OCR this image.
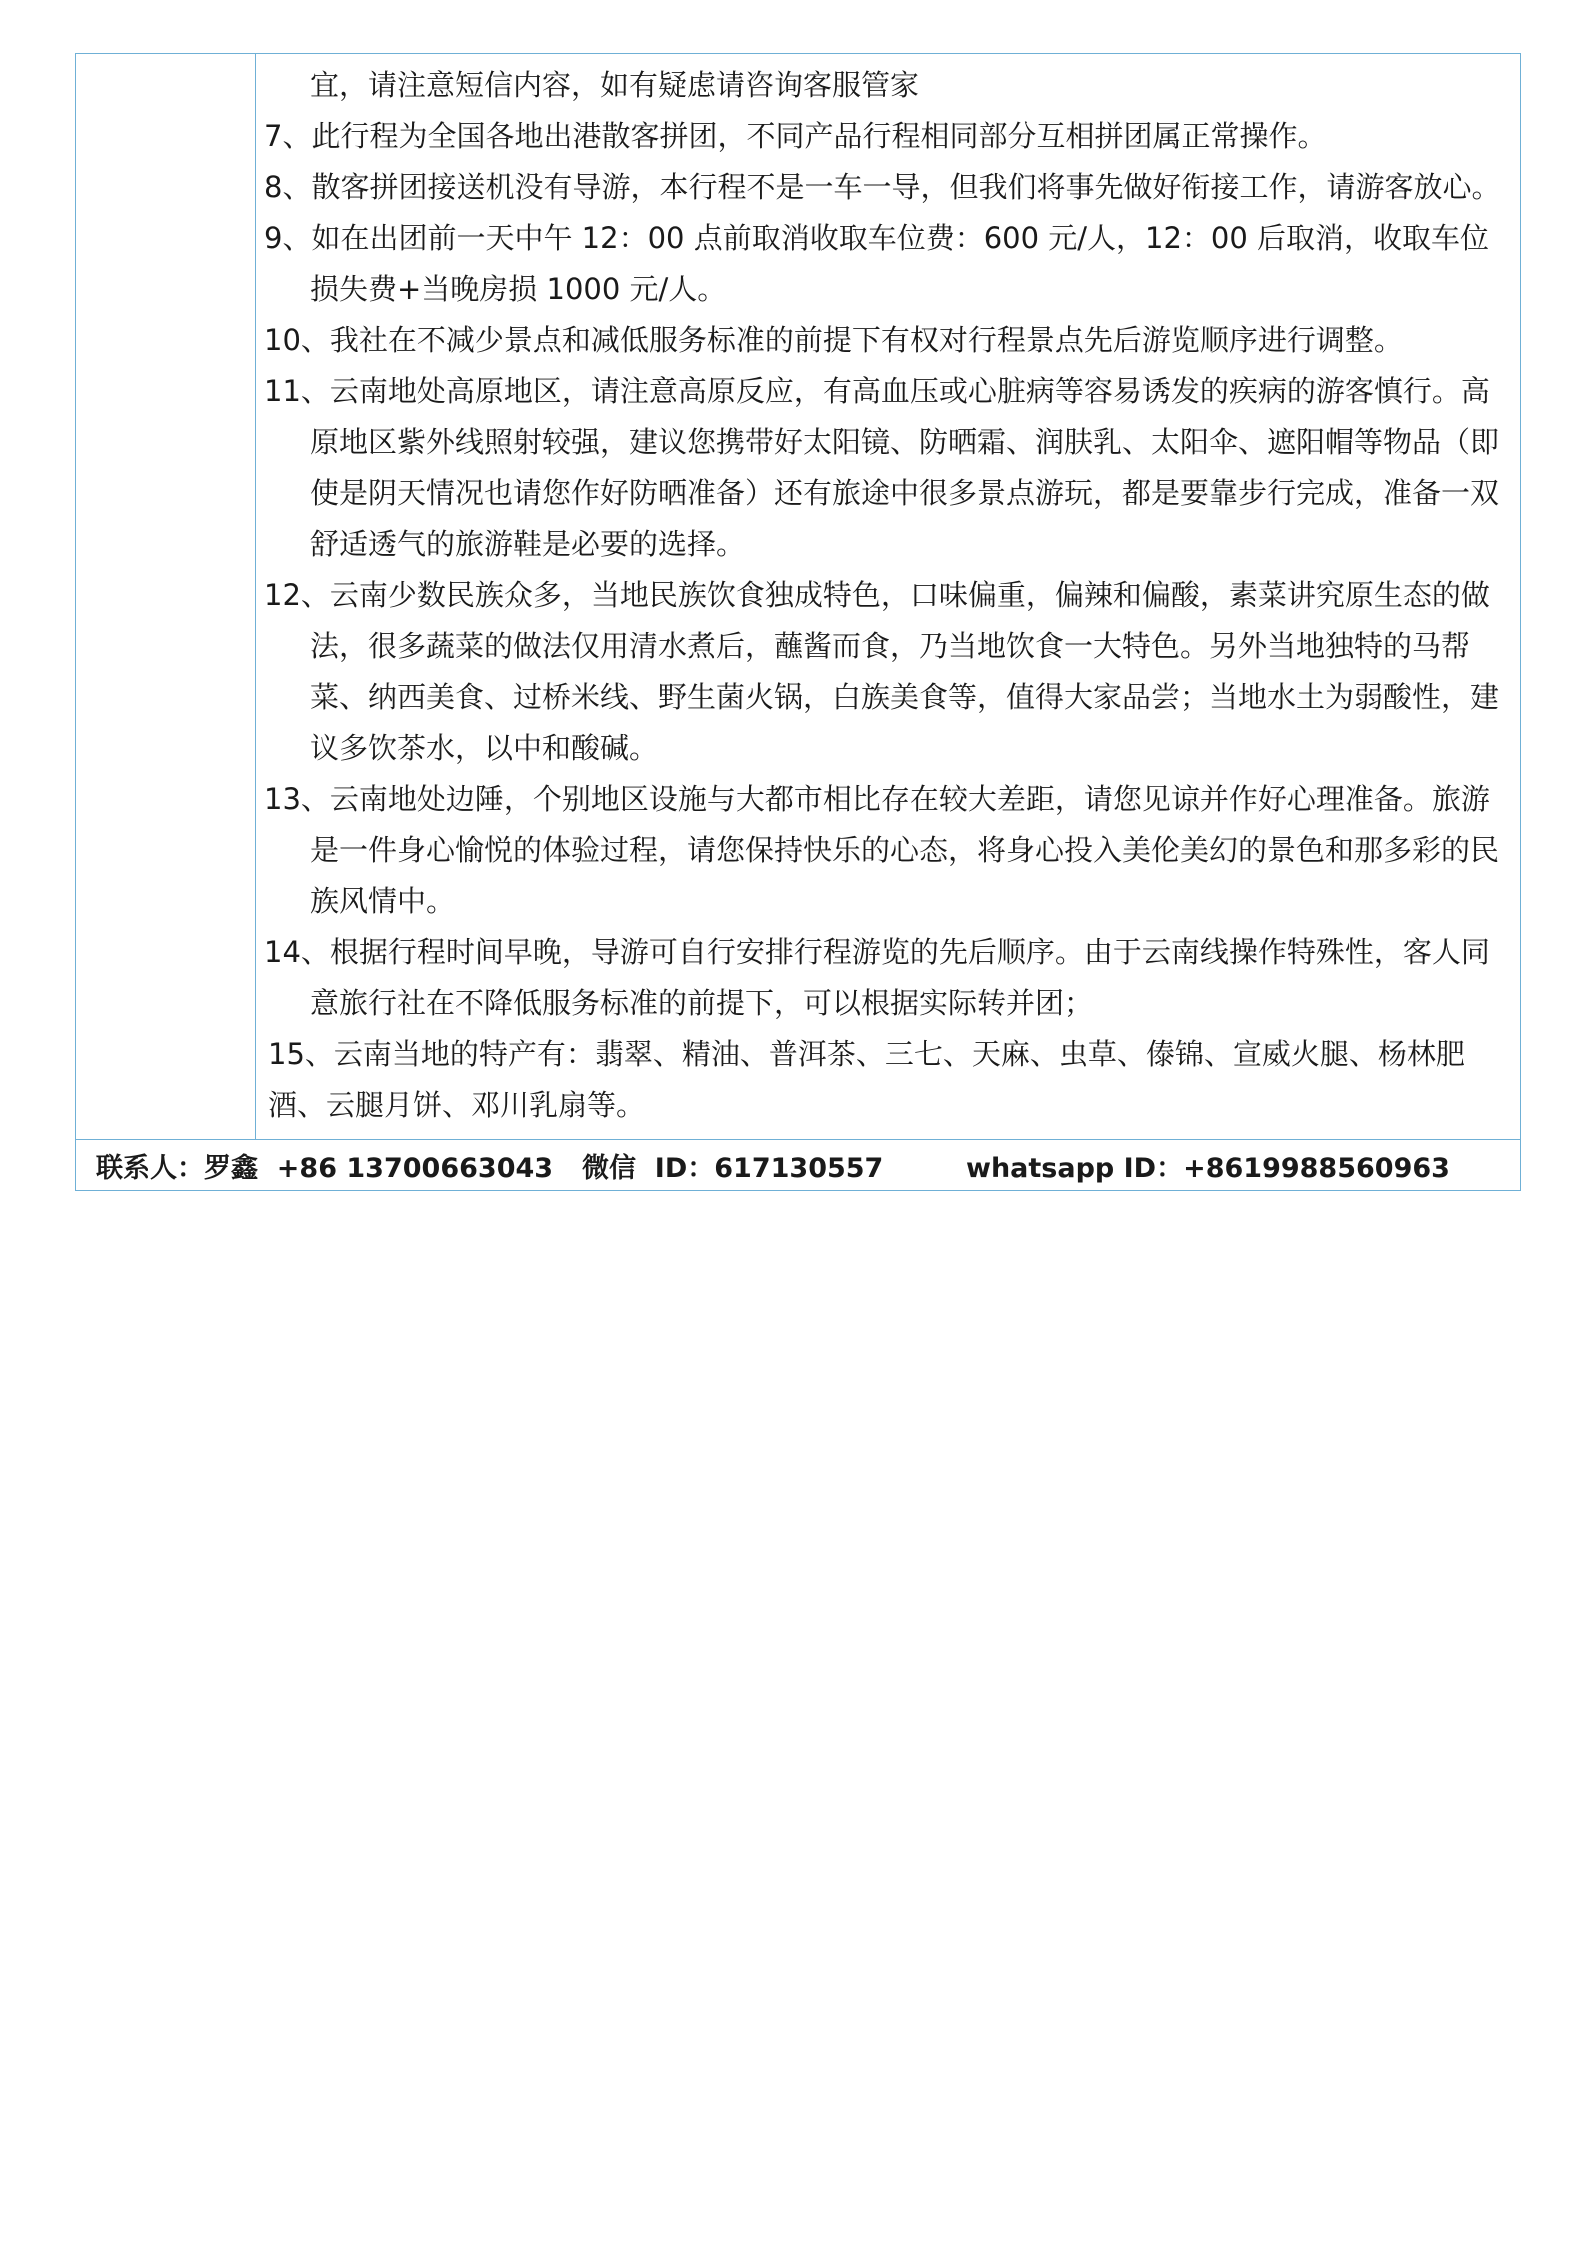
宜，请注意短信内容，如有疑虑请咨询客服管家

7、此行程为全国各地出港散客拼团，不同产品行程相同部分互相拼团属正常操作。

8、散客拼团接送机没有导游，本行程不是一车一导，但我们将事先做好衔接工作，请游客放心。

9、如在出团前一天中午 12：00 点前取消收取车位费：600 元/人，12：00 后取消，收取车位损失费+当晚房损 1000 元/人。

10、我社在不减少景点和减低服务标准的前提下有权对行程景点先后游览顺序进行调整。

11、云南地处高原地区，请注意高原反应，有高血压或心脏病等容易诱发的疾病的游客慎行。高原地区紫外线照射较强，建议您携带好太阳镜、防晒霜、润肤乳、太阳伞、遮阳帽等物品（即使是阴天情况也请您作好防晒准备）还有旅途中很多景点游玩，都是要靠步行完成，准备一双舒适透气的旅游鞋是必要的选择。

12、云南少数民族众多，当地民族饮食独成特色，口味偏重，偏辣和偏酸，素菜讲究原生态的做法，很多蔬菜的做法仅用清水煮后，蘸酱而食，乃当地饮食一大特色。另外当地独特的马帮菜、纳西美食、过桥米线、野生菌火锅，白族美食等，值得大家品尝；当地水土为弱酸性，建议多饮茶水，以中和酸碱。

13、云南地处边陲，个别地区设施与大都市相比存在较大差距，请您见谅并作好心理准备。旅游是一件身心愉悦的体验过程，请您保持快乐的心态，将身心投入美伦美幻的景色和那多彩的民族风情中。

14、根据行程时间早晚，导游可自行安排行程游览的先后顺序。由于云南线操作特殊性，客人同意旅行社在不降低服务标准的前提下，可以根据实际转并团；

15、云南当地的特产有：翡翠、精油、普洱茶、三七、天麻、虫草、傣锦、宣威火腿、杨林肥酒、云腿月饼、邓川乳扇等。

联系人：罗鑫  +86 13700663043	微信  ID：617130557	whatsapp ID：+8619988560963
